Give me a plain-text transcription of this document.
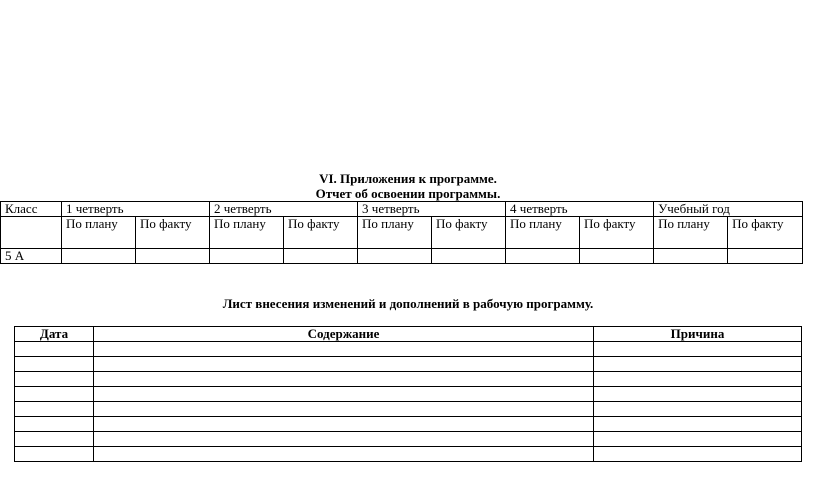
VI. Приложения к программе.
Отчет об освоении программы.
Класс	1 четверть		2 четверть		3 четверть		4 четверть		Учебный год	
	По плану	По факту	По плану	По факту	По плану	По факту	По плану	По факту	По плану	По факту
5 А										
Лист внесения изменений и дополнений в рабочую программу.
Дата	Содержание	Причина
